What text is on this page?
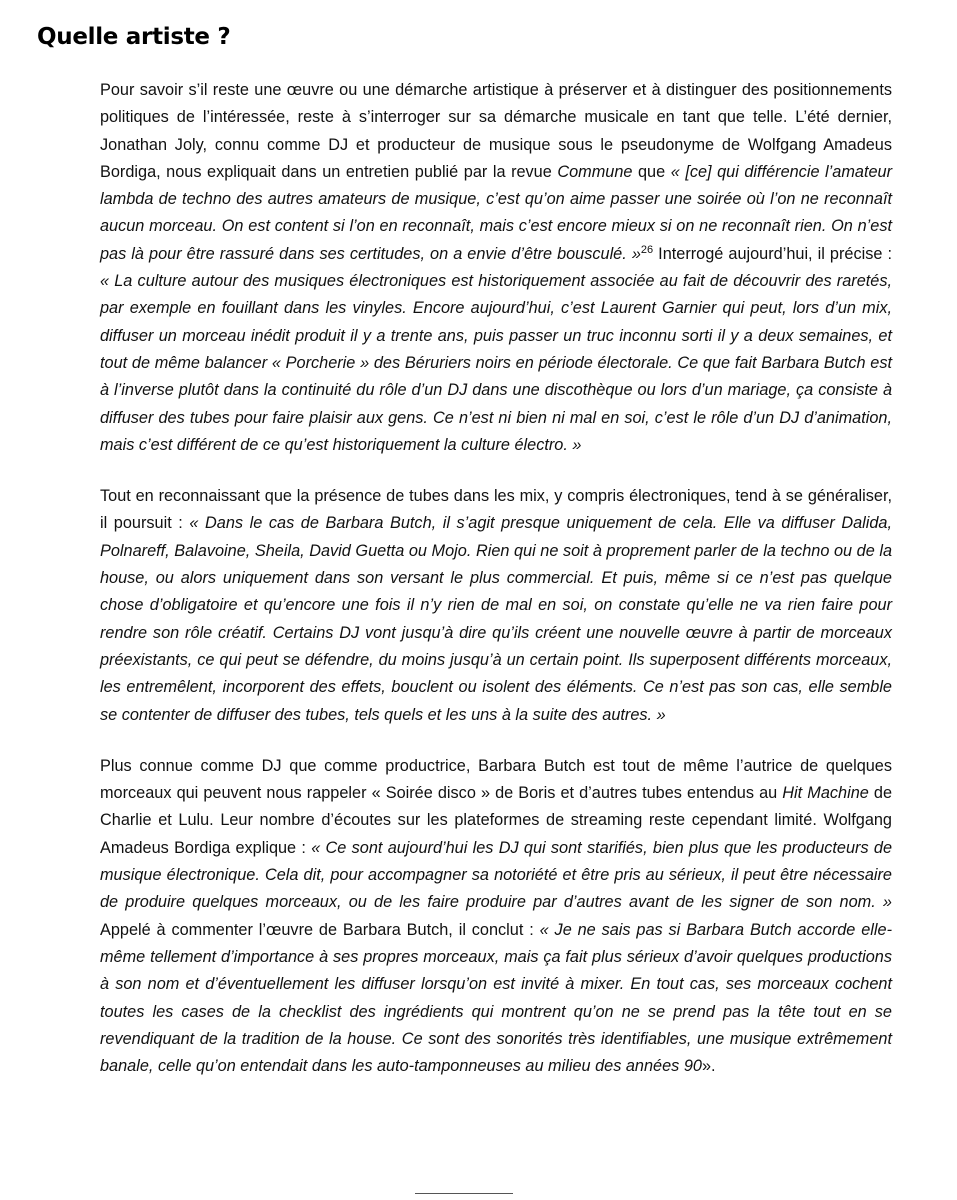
Quelle artiste ?

Pour savoir s’il reste une œuvre ou une démarche artistique à préserver et à distinguer des positionnements politiques de l’intéressée, reste à s’interroger sur sa démarche musicale en tant que telle. L’été dernier, Jonathan Joly, connu comme DJ et producteur de musique sous le pseudonyme de Wolfgang Amadeus Bordiga, nous expliquait dans un entretien publié par la revue Commune que « [ce] qui différencie l’amateur lambda de techno des autres amateurs de musique, c’est qu’on aime passer une soirée où l’on ne reconnaît aucun morceau. On est content si l’on en reconnaît, mais c’est encore mieux si on ne reconnaît rien. On n’est pas là pour être rassuré dans ses certitudes, on a envie d’être bousculé. »$^{26}$ Interrogé aujourd’hui, il précise : « La culture autour des musiques électroniques est historiquement associée au fait de découvrir des raretés, par exemple en fouillant dans les vinyles. Encore aujourd’hui, c’est Laurent Garnier qui peut, lors d’un mix, diffuser un morceau inédit produit il y a trente ans, puis passer un truc inconnu sorti il y a deux semaines, et tout de même balancer « Porcherie » des Béruriers noirs en période électorale. Ce que fait Barbara Butch est à l’inverse plutôt dans la continuité du rôle d’un DJ dans une discothèque ou lors d’un mariage, ça consiste à diffuser des tubes pour faire plaisir aux gens. Ce n’est ni bien ni mal en soi, c’est le rôle d’un DJ d’animation, mais c’est différent de ce qu’est historiquement la culture électro. »

Tout en reconnaissant que la présence de tubes dans les mix, y compris électroniques, tend à se généraliser, il poursuit : « Dans le cas de Barbara Butch, il s’agit presque uniquement de cela. Elle va diffuser Dalida, Polnareff, Balavoine, Sheila, David Guetta ou Mojo. Rien qui ne soit à proprement parler de la techno ou de la house, ou alors uniquement dans son versant le plus commercial. Et puis, même si ce n’est pas quelque chose d’obligatoire et qu’encore une fois il n’y rien de mal en soi, on constate qu’elle ne va rien faire pour rendre son rôle créatif. Certains DJ vont jusqu’à dire qu’ils créent une nouvelle œuvre à partir de morceaux préexistants, ce qui peut se défendre, du moins jusqu’à un certain point. Ils superposent différents morceaux, les entremêlent, incorporent des effets, bouclent ou isolent des éléments. Ce n’est pas son cas, elle semble se contenter de diffuser des tubes, tels quels et les uns à la suite des autres. »

Plus connue comme DJ que comme productrice, Barbara Butch est tout de même l’autrice de quelques morceaux qui peuvent nous rappeler « Soirée disco » de Boris et d’autres tubes entendus au Hit Machine de Charlie et Lulu. Leur nombre d’écoutes sur les plateformes de streaming reste cependant limité. Wolfgang Amadeus Bordiga explique : « Ce sont aujourd’hui les DJ qui sont starifiés, bien plus que les producteurs de musique électronique. Cela dit, pour accompagner sa notoriété et être pris au sérieux, il peut être nécessaire de produire quelques morceaux, ou de les faire produire par d’autres avant de les signer de son nom. » Appelé à commenter l’œuvre de Barbara Butch, il conclut : « Je ne sais pas si Barbara Butch accorde elle-même tellement d’importance à ses propres morceaux, mais ça fait plus sérieux d’avoir quelques productions à son nom et d’éventuellement les diffuser lorsqu’on est invité à mixer. En tout cas, ses morceaux cochent toutes les cases de la checklist des ingrédients qui montrent qu’on ne se prend pas la tête tout en se revendiquant de la tradition de la house. Ce sont des sonorités très identifiables, une musique extrêmement banale, celle qu’on entendait dans les auto-tamponneuses au milieu des années 90».
